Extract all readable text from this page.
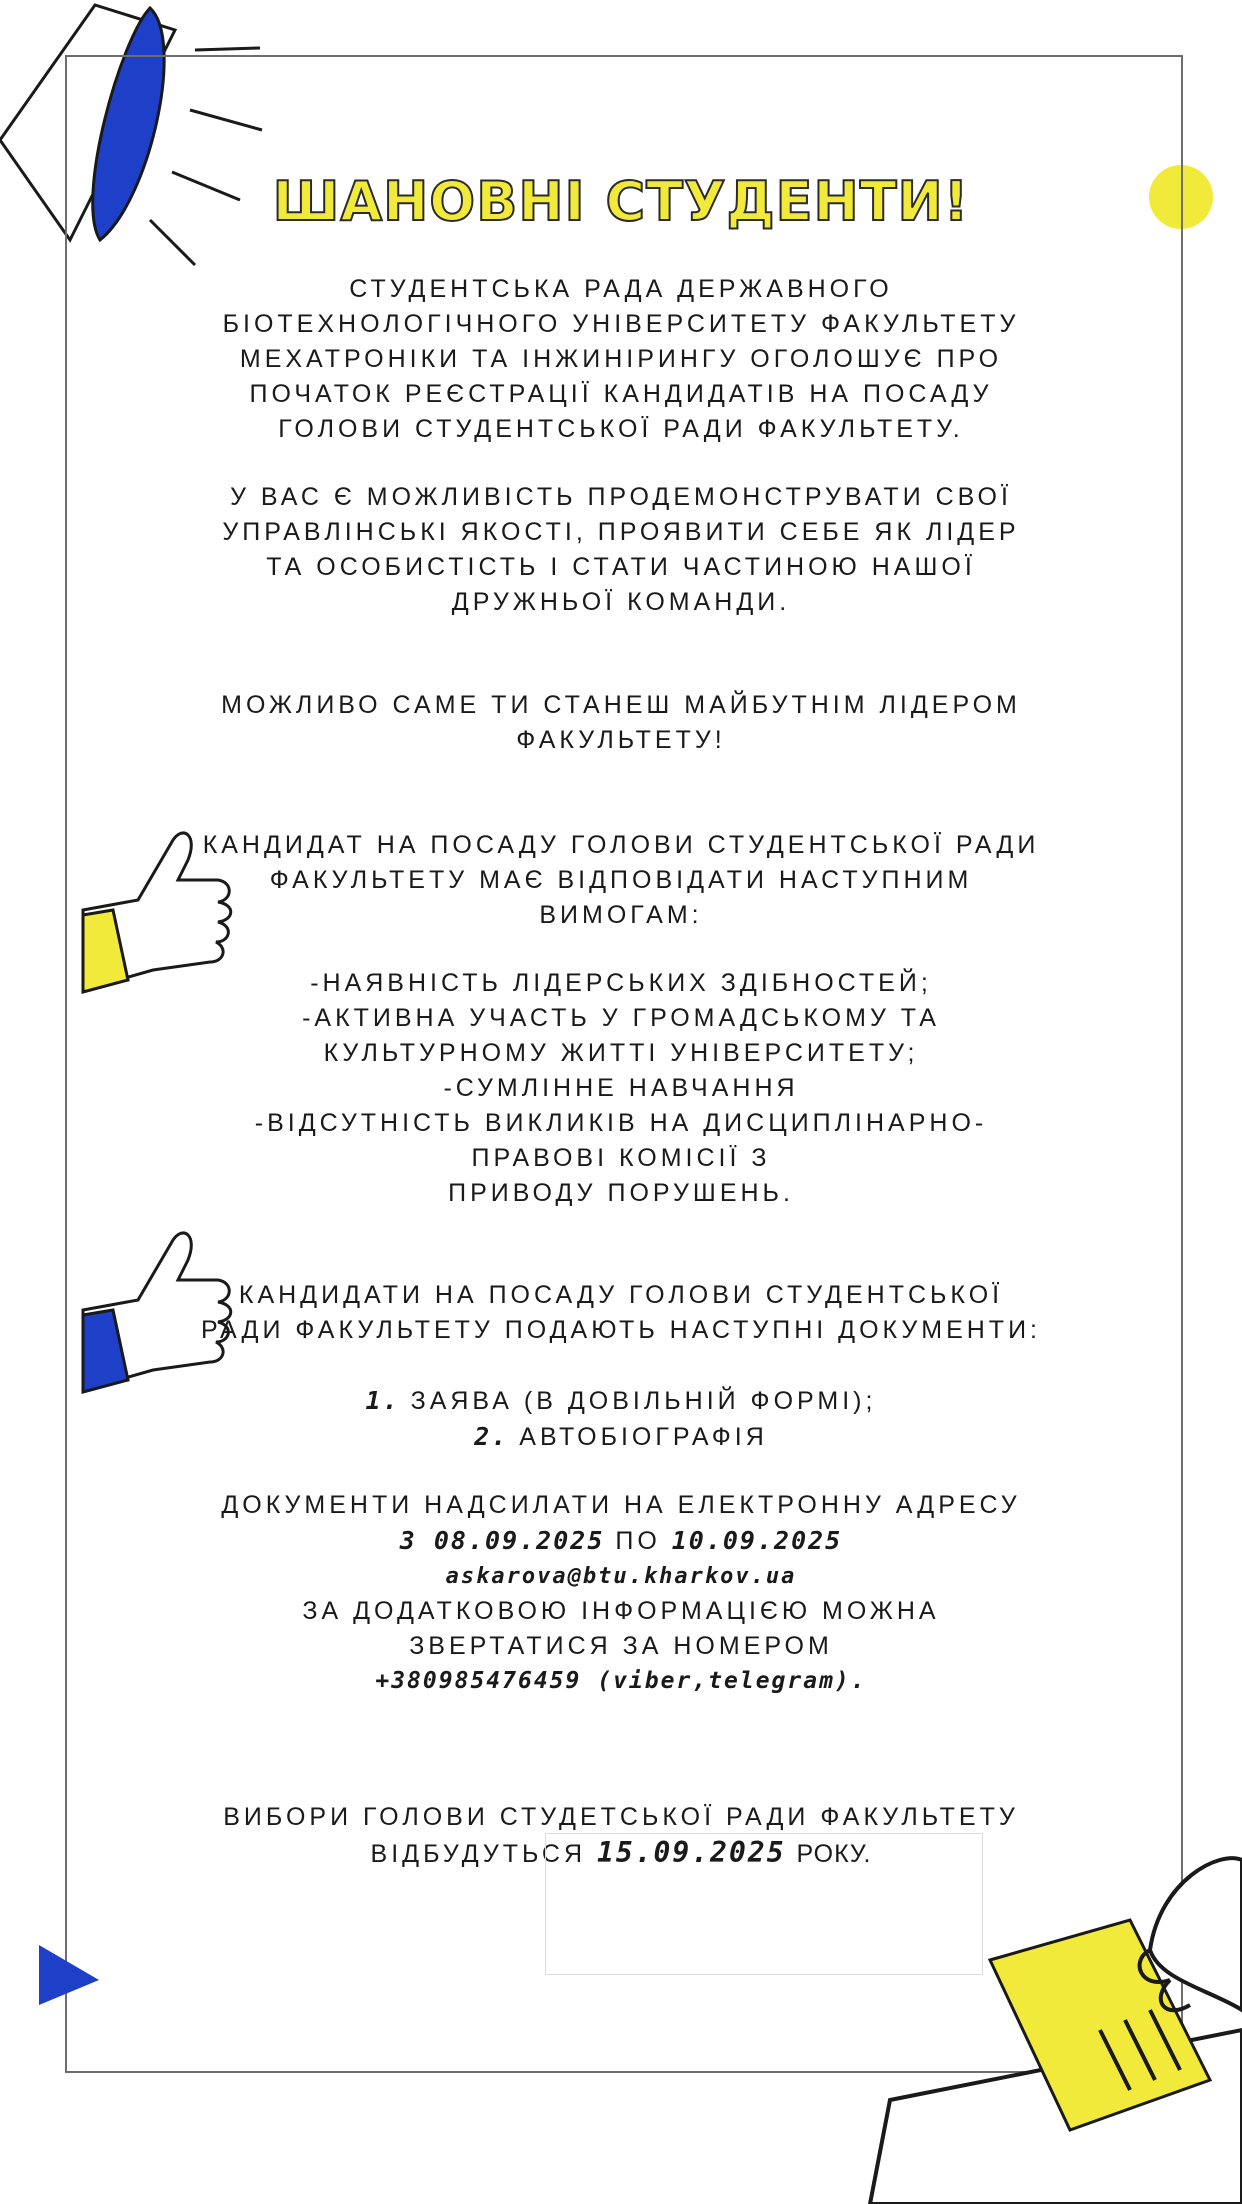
ШАНОВНІ СТУДЕНТИ!

СТУДЕНТСЬКА РАДА ДЕРЖАВНОГО

БІОТЕХНОЛОГІЧНОГО УНІВЕРСИТЕТУ ФАКУЛЬТЕТУ

МЕХАТРОНІКИ ТА ІНЖИНІРИНГУ ОГОЛОШУЄ ПРО

ПОЧАТОК РЕЄСТРАЦІЇ КАНДИДАТІВ НА ПОСАДУ

ГОЛОВИ СТУДЕНТСЬКОЇ РАДИ ФАКУЛЬТЕТУ.

У ВАС Є МОЖЛИВІСТЬ ПРОДЕМОНСТРУВАТИ СВОЇ

УПРАВЛІНСЬКІ ЯКОСТІ, ПРОЯВИТИ СЕБЕ ЯК ЛІДЕР

ТА ОСОБИСТІСТЬ І СТАТИ ЧАСТИНОЮ НАШОЇ

ДРУЖНЬОЇ КОМАНДИ.

МОЖЛИВО САМЕ ТИ СТАНЕШ МАЙБУТНІМ ЛІДЕРОМ

ФАКУЛЬТЕТУ!

КАНДИДАТ НА ПОСАДУ ГОЛОВИ СТУДЕНТСЬКОЇ РАДИ

ФАКУЛЬТЕТУ МАЄ ВІДПОВІДАТИ НАСТУПНИМ

ВИМОГАМ:

-НАЯВНІСТЬ ЛІДЕРСЬКИХ ЗДІБНОСТЕЙ;

-АКТИВНА УЧАСТЬ У ГРОМАДСЬКОМУ ТА

КУЛЬТУРНОМУ ЖИТТІ УНІВЕРСИТЕТУ;

-СУМЛІННЕ НАВЧАННЯ

-ВІДСУТНІСТЬ ВИКЛИКІВ НА ДИСЦИПЛІНАРНО-

ПРАВОВІ КОМІСІЇ З

ПРИВОДУ ПОРУШЕНЬ.

КАНДИДАТИ НА ПОСАДУ ГОЛОВИ СТУДЕНТСЬКОЇ

РАДИ ФАКУЛЬТЕТУ ПОДАЮТЬ НАСТУПНІ ДОКУМЕНТИ:

1. ЗАЯВА (В ДОВІЛЬНІЙ ФОРМІ);

2. АВТОБІОГРАФІЯ

ДОКУМЕНТИ НАДСИЛАТИ НА ЕЛЕКТРОННУ АДРЕСУ

З 08.09.2025 ПО 10.09.2025

askarova@btu.kharkov.ua

ЗА ДОДАТКОВОЮ ІНФОРМАЦІЄЮ МОЖНА

ЗВЕРТАТИСЯ ЗА НОМЕРОМ

+380985476459 (viber,telegram).

ВИБОРИ ГОЛОВИ СТУДЕТСЬКОЇ РАДИ ФАКУЛЬТЕТУ

ВІДБУДУТЬСЯ 15.09.2025 РОКУ.
